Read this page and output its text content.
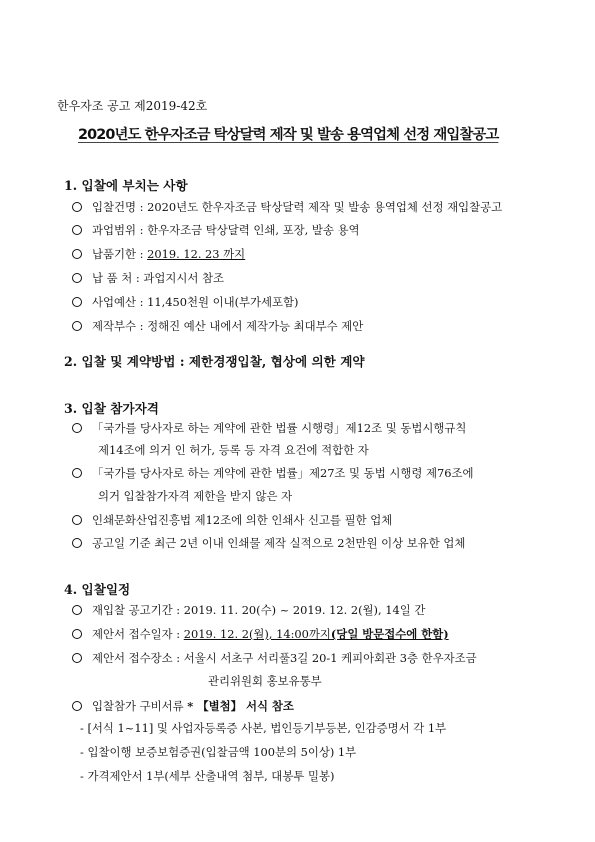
한우자조 공고 제2019-42호
2020년도 한우자조금 탁상달력 제작 및 발송 용역업체 선정 재입찰공고
1. 입찰에 부치는 사항
입찰건명 : 2020년도 한우자조금 탁상달력 제작 및 발송 용역업체 선정 재입찰공고
과업범위 : 한우자조금 탁상달력 인쇄, 포장, 발송 용역
납품기한 : 2019. 12. 23 까지
납 품 처 : 과업지시서 참조
사업예산 : 11,450천원 이내(부가세포함)
제작부수 : 정해진 예산 내에서 제작가능 최대부수 제안
2. 입찰 및 계약방법 : 제한경쟁입찰, 협상에 의한 계약
3. 입찰 참가자격
「국가를 당사자로 하는 계약에 관한 법률 시행령」제12조 및 동법시행규칙
제14조에 의거 인 허가, 등록 등 자격 요건에 적합한 자
「국가를 당사자로 하는 계약에 관한 법률」제27조 및 동법 시행령 제76조에
의거 입찰참가자격 제한을 받지 않은 자
인쇄문화산업진흥법 제12조에 의한 인쇄사 신고를 필한 업체
공고일 기준 최근 2년 이내 인쇄물 제작 실적으로 2천만원 이상 보유한 업체
4. 입찰일정
재입찰 공고기간 : 2019. 11. 20(수) ~ 2019. 12. 2(월), 14일 간
제안서 접수일자 : 2019. 12. 2(월), 14:00까지(당일 방문접수에 한함)
제안서 접수장소 : 서울시 서초구 서리풀3길 20-1 케피아회관 3층 한우자조금
관리위원회 홍보유통부
입찰참가 구비서류 * 【별첨】 서식 참조
- [서식 1~11] 및 사업자등록증 사본, 법인등기부등본, 인감증명서 각 1부
- 입찰이행 보증보험증권(입찰금액 100분의 5이상) 1부
- 가격제안서 1부(세부 산출내역 첨부, 대봉투 밀봉)
